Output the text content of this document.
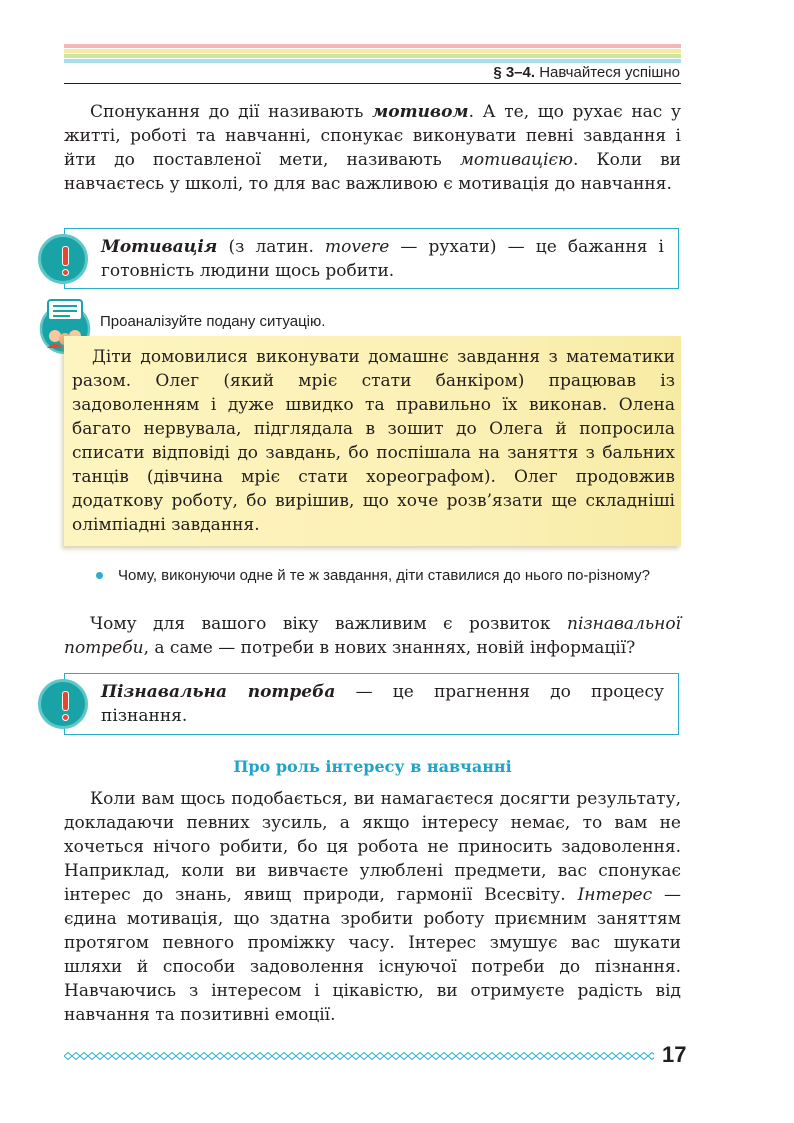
§ 3–4. Навчайтеся успішно

Спонукання до дії називають мотивом. А те, що рухає нас у житті, роботі та навчанні, спонукає виконувати певні завдання і йти до поставленої мети, називають мотивацією. Коли ви навчаєтесь у школі, то для вас важливою є мотивація до навчання.

Мотивація (з латин. movere — рухати) — це бажання і готовність людини щось робити.
Проаналізуйте подану ситуацію.
Діти домовилися виконувати домашнє завдання з математики разом. Олег (який мріє стати банкіром) працював із задоволенням і дуже швидко та правильно їх виконав. Олена багато нервувала, підглядала в зошит до Олега й попросила списати відповіді до завдань, бо поспішала на заняття з бальних танців (дівчина мріє стати хореографом). Олег продовжив додаткову роботу, бо вирішив, що хоче розв’язати ще складніші олімпіадні завдання.
Чому, виконуючи одне й те ж завдання, діти ставилися до нього по-різному?

Чому для вашого віку важливим є розвиток пізнавальної потреби, а саме — потреби в нових знаннях, новій інформації?

Пізнавальна потреба — це прагнення до процесу пізнання.
Про роль інтересу в навчанні

Коли вам щось подобається, ви намагаєтеся досягти результату, докладаючи певних зусиль, а якщо інтересу немає, то вам не хочеться нічого робити, бо ця робота не приносить задоволення. Наприклад, коли ви вивчаєте улюблені предмети, вас спонукає інтерес до знань, явищ природи, гармонії Всесвіту. Інтерес — єдина мотивація, що здатна зробити роботу приємним заняттям протягом певного проміжку часу. Інтерес змушує вас шукати шляхи й способи задоволення існуючої потреби до пізнання. Навчаючись з інтересом і цікавістю, ви отримуєте радість від навчання та позитивні емоції.

17
